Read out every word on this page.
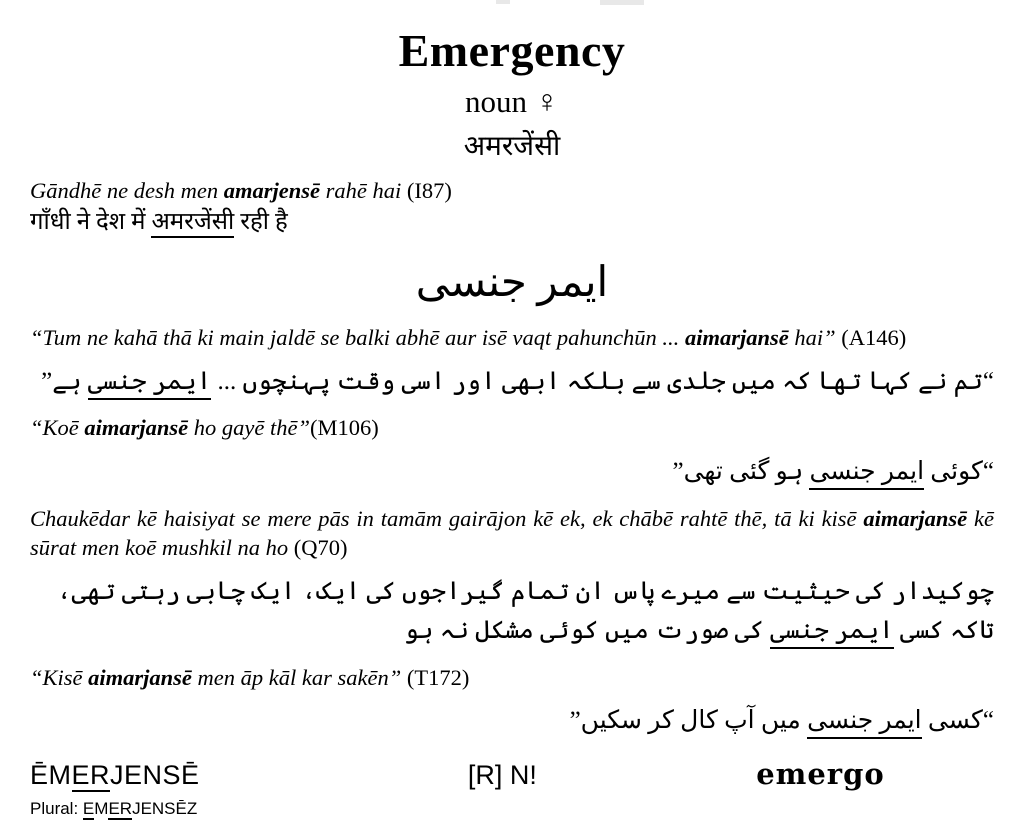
Emergency
noun ♀
अमरजेंसी
Gāndhē ne desh men amarjensē rahē hai (I87)
गाँधी ने देश में अमरजेंसी रही है
ایمر جنسی
“Tum ne kahā thā ki main jaldē se balki abhē aur isē vaqt pahunchūn ... aimarjansē hai” (A146)
“تم نے کہا تھا کہ میں جلدی سے بلکہ ابھی اور اسی وقت پہنچوں ... ایمر جنسی ہے”
“Koē aimarjansē ho gayē thē”(M106)
“کوئی ایمر جنسی ہو گئی تھی”
Chaukēdar kē haisiyat se mere pās in tamām gairājon kē ek, ek chābē rahtē thē, tā ki kisē aimarjansē kē sūrat men koē mushkil na ho (Q70)
چوکیدار کی حیثیت سے میرے پاس ان تمام گیراجوں کی ایک، ایک چابی رہتی تھی، تاکہ کسی ایمر جنسی کی صورت میں کوئی مشکل نہ ہو
“Kisē aimarjansē men āp kāl kar sakēn” (T172)
“کسی ایمر جنسی میں آپ کال کر سکیں”
ĒMERJENSĒ	[R] N!	emergo
Plural: EMERJENSĒZ
